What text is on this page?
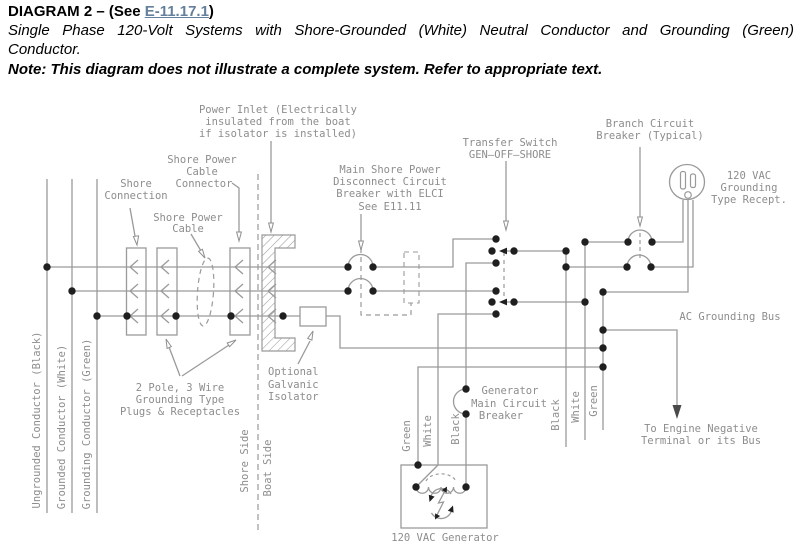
DIAGRAM 2 – (See E-11.17.1)
Single Phase 120-Volt Systems with Shore-Grounded (White) Neutral Conductor and Grounding (Green)
Conductor.
Note: This diagram does not illustrate a complete system. Refer to appropriate text.
Power Inlet (Electrically
insulated from the boat
if isolator is installed)
Shore Power
Cable
Connector
Shore
Connection
Shore Power
Cable
Main Shore Power
Disconnect Circuit
Breaker with ELCI
See E11.11
Transfer Switch
GEN—OFF—SHORE
Branch Circuit
Breaker (Typical)
120 VAC
Grounding
Type Recept.
AC Grounding Bus
To Engine Negative
Terminal or its Bus
Generator
Main Circuit
Breaker
120 VAC Generator
2 Pole, 3 Wire
Grounding Type
Plugs & Receptacles
Optional
Galvanic
Isolator
Shore Side Boat Side
Ungrounded Conductor (Black) Grounded Conductor (White) Grounding Conductor (Green)	Green White Black	Black White Green
